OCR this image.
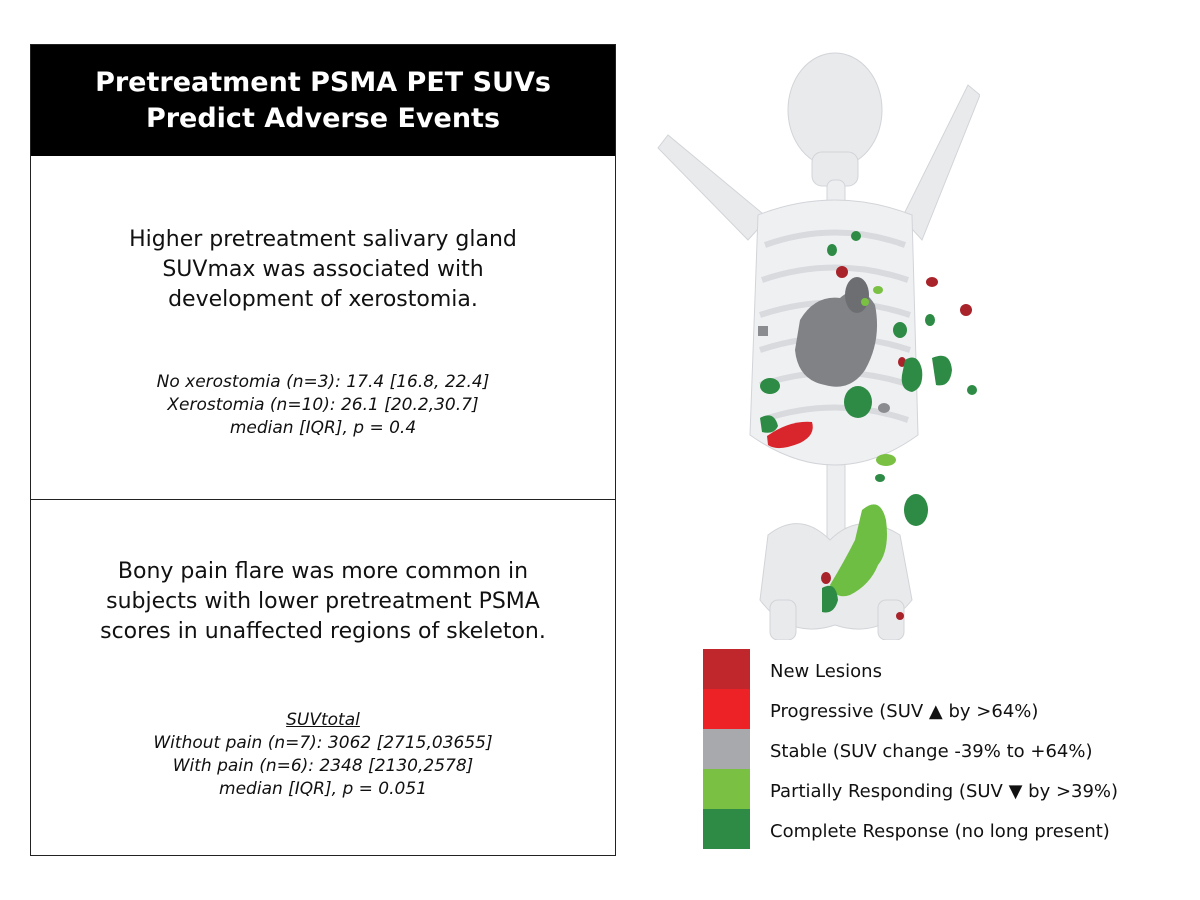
Pretreatment PSMA PET SUVs
Predict Adverse Events
Higher pretreatment salivary gland
SUVmax was associated with
development of xerostomia.
No xerostomia (n=3): 17.4 [16.8, 22.4]
Xerostomia (n=10): 26.1 [20.2,30.7]
median [IQR], p = 0.4
Bony pain flare was more common in
subjects with lower pretreatment PSMA
scores in unaffected regions of skeleton.
SUVtotal
Without pain (n=7): 3062 [2715,03655]
With pain (n=6): 2348 [2130,2578]
median [IQR], p = 0.051
New Lesions
Progressive (SUV ▲ by >64%)
Stable (SUV change -39% to +64%)
Partially Responding (SUV ▼ by >39%)
Complete Response (no long present)
